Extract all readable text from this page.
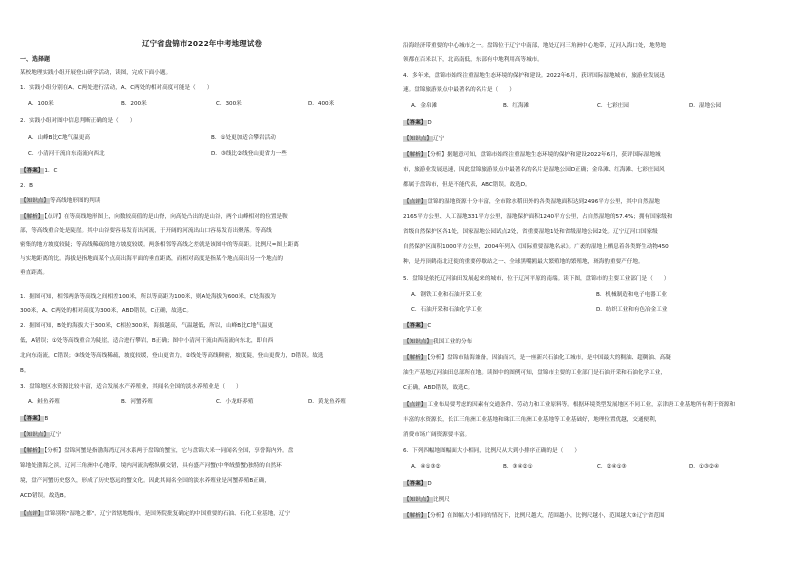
辽宁省盘锦市2022年中考地理试卷
一、选择题
某校地理实践小组开展登山研学活动，读图，完成下面小题。
1．实践小组分别在A、C两处进行活动，A、C两处的相对高度可能是（　　）
A．100米	B．200米	C．300米	D．400米
2．实践小组对图中信息判断正确的是（　　）
A．山峰B比C地气温更高	B．①处更加适合攀岩活动
C．小清河干流自东南流向西北	D．③线比②线登山更省力一些
【答案】1．C
2．B
【知识点】等高线地形图的判读
【解析】【点评】在等高线地形图上，向数较高值的是山脊，向高处凸出的是山谷，两个山峰相对的位置是鞍
部，等高线重合处是陡崖。其中山谷要容易发育出河流，于开阔的河流出山口容易发育出聚落。等高线
密集的地方坡度较陡；等高线稀疏的地方坡度较缓。两条相邻等高线之差就是该图中的等高距。比例尺=图上距离
与实地距离的比。海拔是指地面某个点高出海平面的垂直距离，而相对高度是指某个地点高出另一个地点的
垂直距离。
1．据图可知，相邻两条等高线之间相差100米，所以等高距为100米，则A处海拔为600米，C处海拔为
300米，A、C两处的相对高度为300米，ABD错误，C正确，故选C。
2．据图可知，B处的海拔大于300米，C相拉300米，海拔越高，气温越低，所以，山峰B比C地气温更
低，A错误；①处等高线重合为陡崖，适合进行攀岩，B正确；图中小清河干流由西南流向东北，即自西
北向东南流，C错误；③线处等高线稀疏，坡度较缓，登山更省力，②线处等高线稠密，坡度陡，登山更费力，D错误。故选
B。
3．盘锦地区水资源比较丰富，适合发展水产养殖业，其闻名全国的淡水养殖业是（　　）
A．鲑鱼养殖	B．河蟹养殖	C．小龙虾养殖	D．黄龙鱼养殖
【答案】B
【知识点】辽宁
【解析】【分析】盘锦河蟹是指渤海湾辽河水系两于盘锦的蟹宝，它与盘锦大米一同闻名全国，享誉海内外。盘
锦地处渤海之滨，辽河三角洲中心地带，境内河流沟壑纵横交错，具有盛产河蟹(中华绒螯蟹)独特的自然环
境，盘产河蟹历史悠久，形成了历史悠远的蟹文化。因此其闻名全国的淡水养殖业是河蟹养殖B正确，
ACD错误。故选B。
【点评】盘锦别称"湿地之都"，辽宁省辖地级市，是国务院批复确定的中国重要的石油、石化工业基地，辽宁
沿海经济带重要的中心城市之一。盘锦位于辽宁中南部，地处辽河三角洲中心地带，辽河入海口处，地势地
领都在百米以下，北高南低，东部有中地利用高等城市。
4．多年来，盘锦市始终注重湿地生态环境的保护和建设。2022年6月，获评国际湿地城市，旅游业发展迅
速。盘锦旅游景点中最著名的名片是（　　）
A．金帛滩	B．红海滩	C．七彩庄园	D．湿地公园
【答案】D
【知识点】辽宁
【解析】【分析】据题意可知，盘锦市始终注重湿地生态环境的保护和建设2022年6月，获评国际湿地城
市，旅游业发展迅速，因此盘锦旅游景点中最著名的名片是湿地公园D正确；金帛滩、红海滩、七彩庄园风
都属于盘锦市，但是不能代表，ABC错误。故选D。
【点评】盘锦的湿地资源十分丰富，全市除水稻田外的各类湿地面积达到2496平方公里，其中自然湿地
2165平方公里、人工湿地331平方公里，湿地保护面积1240平方公里，占自然湿地的57.4%；拥有国家级和
省级自然保护区各1处，国家湿地公园试点2处，省重要湿地1处和省级湿地公园2处。辽宁辽河口国家级
自然保护区面积1000平方公里，2004年列入《国际重要湿地名录》。广袤的湿地上栖息着各类野生动物450
种，是丹顶鹤南北迁徙的重要停歇站之一、全球黑嘴鸥最大繁殖地的繁殖地，斑海豹重要产仔地。
5．盘锦是依托辽河油田发展起来的城市，位于辽河平原的南端。读下图，盘锦市的主要工业部门是（　　）
A．钢铁工业和石油开采工业	B．机械制造和电子电器工业
C．石油开采和石油化学工业	D．纺织工业和有色冶金工业
【答案】C
【知识点】我国工业的分布
【解析】【分析】盘锦市陆海兼备，因油而兴，是一座新兴石油化工城市，是中国最大的稠油、超稠油、高凝
油生产基地辽河油田总部所在地。读图中的图例可知，盘锦市主要的工业部门是石油开采和石油化学工业，
C正确，ABD错误，故选C。
【点评】工业布局要考虑的因素有交通条件、劳动力和工业原料等。根据环境类型发展地区不同工业，京津唐工业基地所有利于资源和
丰富的水资源长，长江三角洲工业基地和珠江三角洲工业基地等工业基础好，地理位置优越，交通便利，
消费市场广阔资源要丰富。
6．下列四幅地图幅面大小相同，比例尺从大到小排序正确的是（　　）
A．④①③②	B．③④②①	C．②④①③	D．①③②④
【答案】D
【知识点】比例尺
【解析】【分析】在图幅大小相同的情况下，比例尺越大，范围越小，比例尺越小，范围越大③辽宁省范围
